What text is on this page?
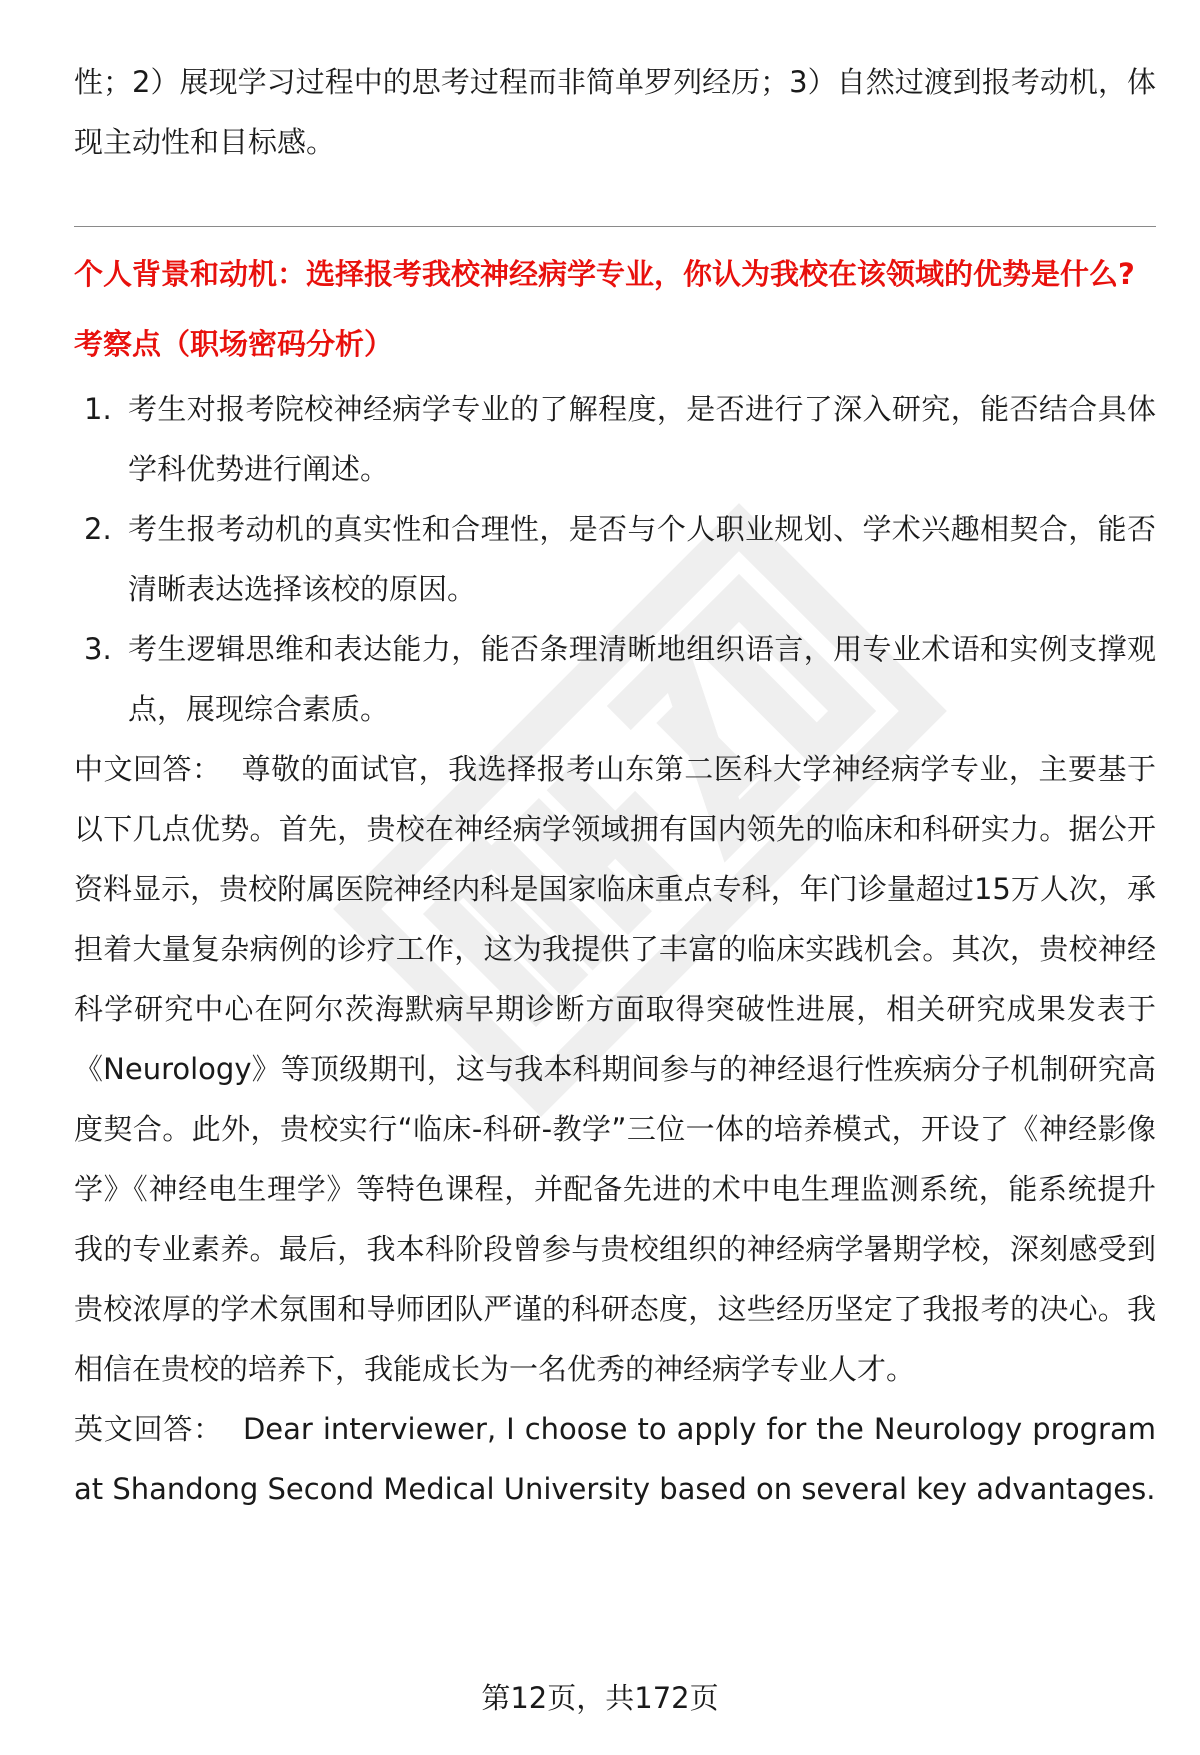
性；2）展现学习过程中的思考过程而非简单罗列经历；3）自然过渡到报考动机，体现主动性和目标感。

个人背景和动机：选择报考我校神经病学专业，你认为我校在该领域的优势是什么?
考察点（职场密码分析）
1. 考生对报考院校神经病学专业的了解程度，是否进行了深入研究，能否结合具体学科优势进行阐述。
2. 考生报考动机的真实性和合理性，是否与个人职业规划、学术兴趣相契合，能否清晰表达选择该校的原因。
3. 考生逻辑思维和表达能力，能否条理清晰地组织语言，用专业术语和实例支撑观点，展现综合素质。

中文回答： 尊敬的面试官，我选择报考山东第二医科大学神经病学专业，主要基于以下几点优势。首先，贵校在神经病学领域拥有国内领先的临床和科研实力。据公开资料显示，贵校附属医院神经内科是国家临床重点专科，年门诊量超过15万人次，承担着大量复杂病例的诊疗工作，这为我提供了丰富的临床实践机会。其次，贵校神经科学研究中心在阿尔茨海默病早期诊断方面取得突破性进展，相关研究成果发表于《Neurology》等顶级期刊，这与我本科期间参与的神经退行性疾病分子机制研究高度契合。此外，贵校实行“临床-科研-教学”三位一体的培养模式，开设了《神经影像学》《神经电生理学》等特色课程，并配备先进的术中电生理监测系统，能系统提升我的专业素养。最后，我本科阶段曾参与贵校组织的神经病学暑期学校，深刻感受到贵校浓厚的学术氛围和导师团队严谨的科研态度，这些经历坚定了我报考的决心。我相信在贵校的培养下，我能成长为一名优秀的神经病学专业人才。

英文回答： Dear interviewer, I choose to apply for the Neurology program at Shandong Second Medical University based on several key advantages.

第12页，共172页
